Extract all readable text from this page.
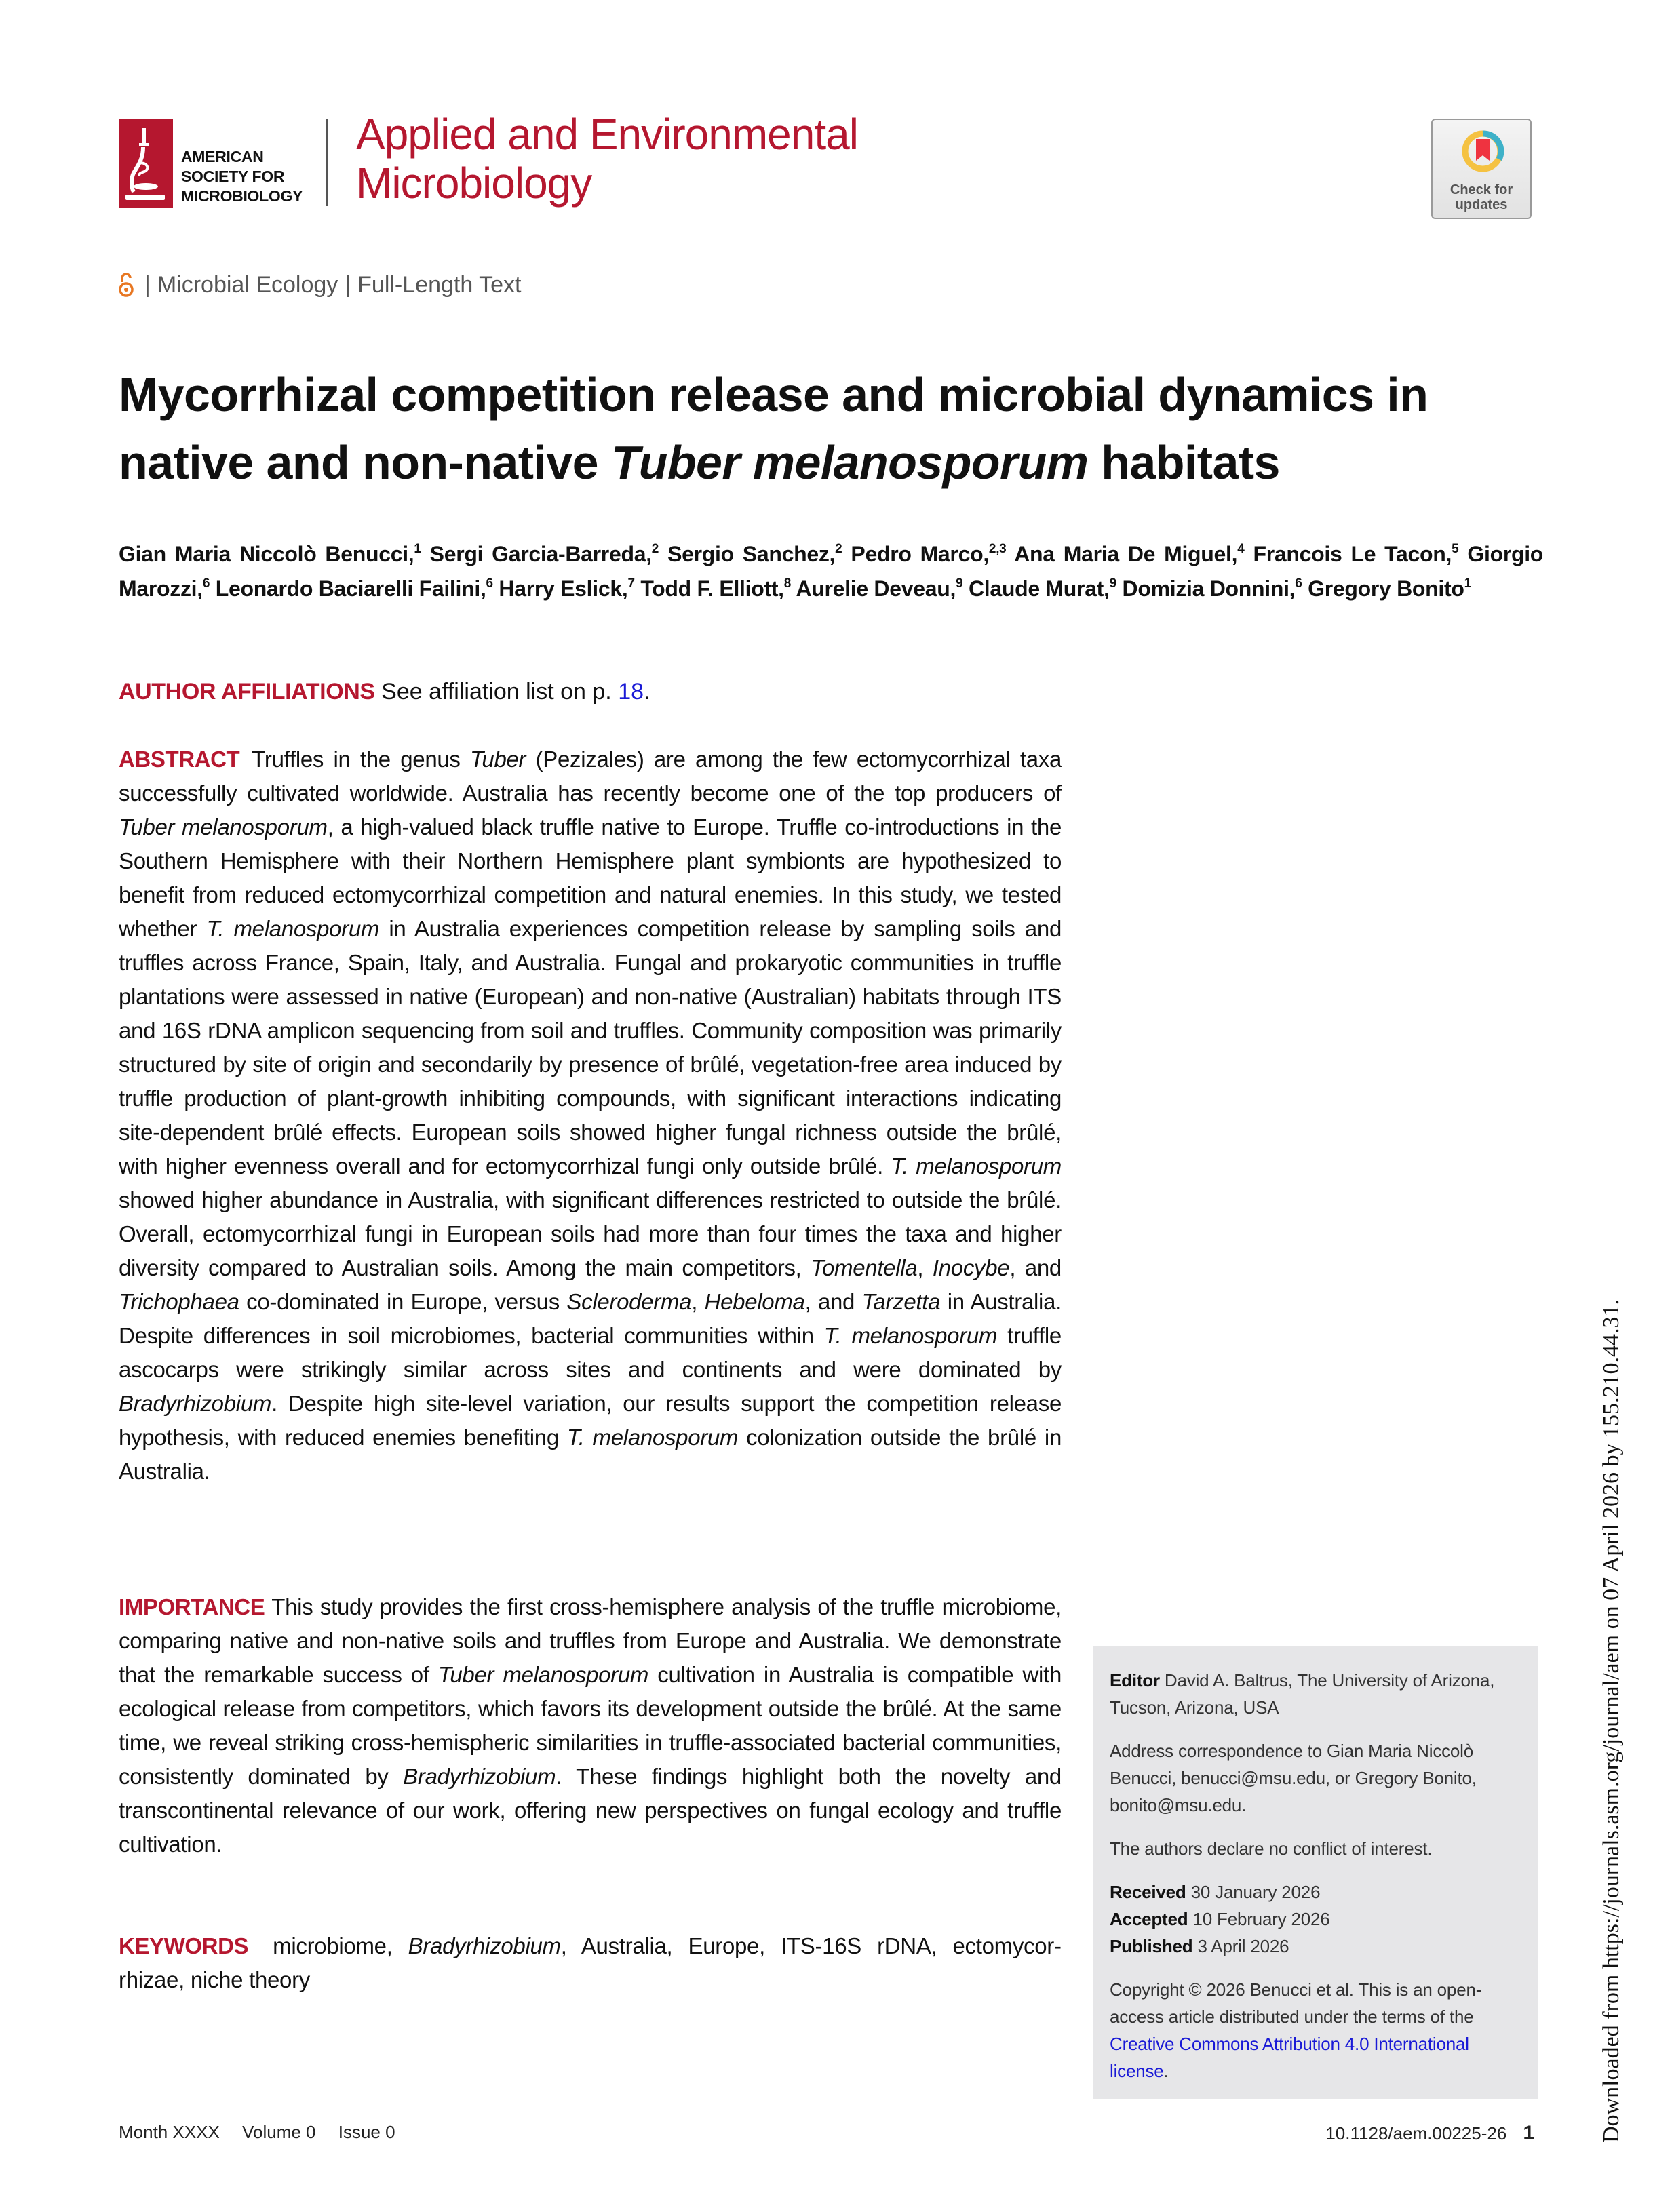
AMERICAN
SOCIETY FOR
MICROBIOLOGY
Applied and Environmental
Microbiology	Check for
updates
| Microbial Ecology | Full-Length Text
Mycorrhizal competition release and microbial dynamics in native and non-native Tuber melanosporum habitats
Gian Maria Niccolò Benucci,$^1$ Sergi Garcia-Barreda,$^2$ Sergio Sanchez,$^2$ Pedro Marco,$^{2,3}$ Ana Maria De Miguel,$^4$ Francois Le Tacon,$^5$ Giorgio Marozzi,$^6$ Leonardo Baciarelli Failini,$^6$ Harry Eslick,$^7$ Todd F. Elliott,$^8$ Aurelie Deveau,$^9$ Claude Murat,$^9$ Domizia Donnini,$^6$ Gregory Bonito$^1$
AUTHOR AFFILIATIONS See affiliation list on p. 18.
ABSTRACT Truffles in the genus Tuber (Pezizales) are among the few ectomycorrhizal taxa successfully cultivated worldwide. Australia has recently become one of the top producers of Tuber melanosporum, a high-valued black truffle native to Europe. Truffle co-introductions in the Southern Hemisphere with their Northern Hemisphere plant symbionts are hypothesized to benefit from reduced ectomycorrhizal competition and natural enemies. In this study, we tested whether T. melanosporum in Australia experiences competition release by sampling soils and truffles across France, Spain, Italy, and Australia. Fungal and prokaryotic communities in truffle plantations were assessed in native (European) and non-native (Australian) habitats through ITS and 16S rDNA amplicon sequencing from soil and truffles. Community composition was primarily structured by site of origin and secondarily by presence of brûlé, vegetation-free area induced by truffle production of plant-growth inhibiting compounds, with significant interactions indicating site-dependent brûlé effects. European soils showed higher fungal richness outside the brûlé, with higher evenness overall and for ectomycorrhizal fungi only outside brûlé. T. melanosporum showed higher abundance in Australia, with significant differences restricted to outside the brûlé. Overall, ectomycorrhizal fungi in European soils had more than four times the taxa and higher diversity compared to Australian soils. Among the main competitors, Tomentella, Inocybe, and Trichophaea co-dominated in Europe, versus Scleroderma, Hebeloma, and Tarzetta in Australia. Despite differences in soil microbiomes, bacterial communities within T. melanosporum truffle ascocarps were strikingly similar across sites and continents and were dominated by Bradyrhizobium. Despite high site-level variation, our results support the competition release hypothesis, with reduced enemies benefiting T. melanosporum colonization outside the brûlé in Australia.
IMPORTANCE This study provides the first cross-hemisphere analysis of the truffle microbiome, comparing native and non-native soils and truffles from Europe and Australia. We demonstrate that the remarkable success of Tuber melanosporum cultivation in Australia is compatible with ecological release from competitors, which favors its development outside the brûlé. At the same time, we reveal striking cross-hemispheric similarities in truffle-associated bacterial communities, consistently dominated by Bradyrhizobium. These findings highlight both the novelty and transcontinental relevance of our work, offering new perspectives on fungal ecology and truffle cultivation.
KEYWORDS microbiome, Bradyrhizobium, Australia, Europe, ITS-16S rDNA, ectomycorrhizae, niche theory

Editor David A. Baltrus, The University of Arizona, Tucson, Arizona, USA

Address correspondence to Gian Maria Niccolò Benucci, benucci@msu.edu, or Gregory Bonito, bonito@msu.edu.

The authors declare no conflict of interest.

Received 30 January 2026

Accepted 10 February 2026

Published 3 April 2026

Copyright © 2026 Benucci et al. This is an open-access article distributed under the terms of the Creative Commons Attribution 4.0 International license.

Month XXXX Volume 0 Issue 0	10.1128/aem.00225-26 1	Downloaded from https://journals.asm.org/journal/aem on 07 April 2026 by 155.210.44.31.
